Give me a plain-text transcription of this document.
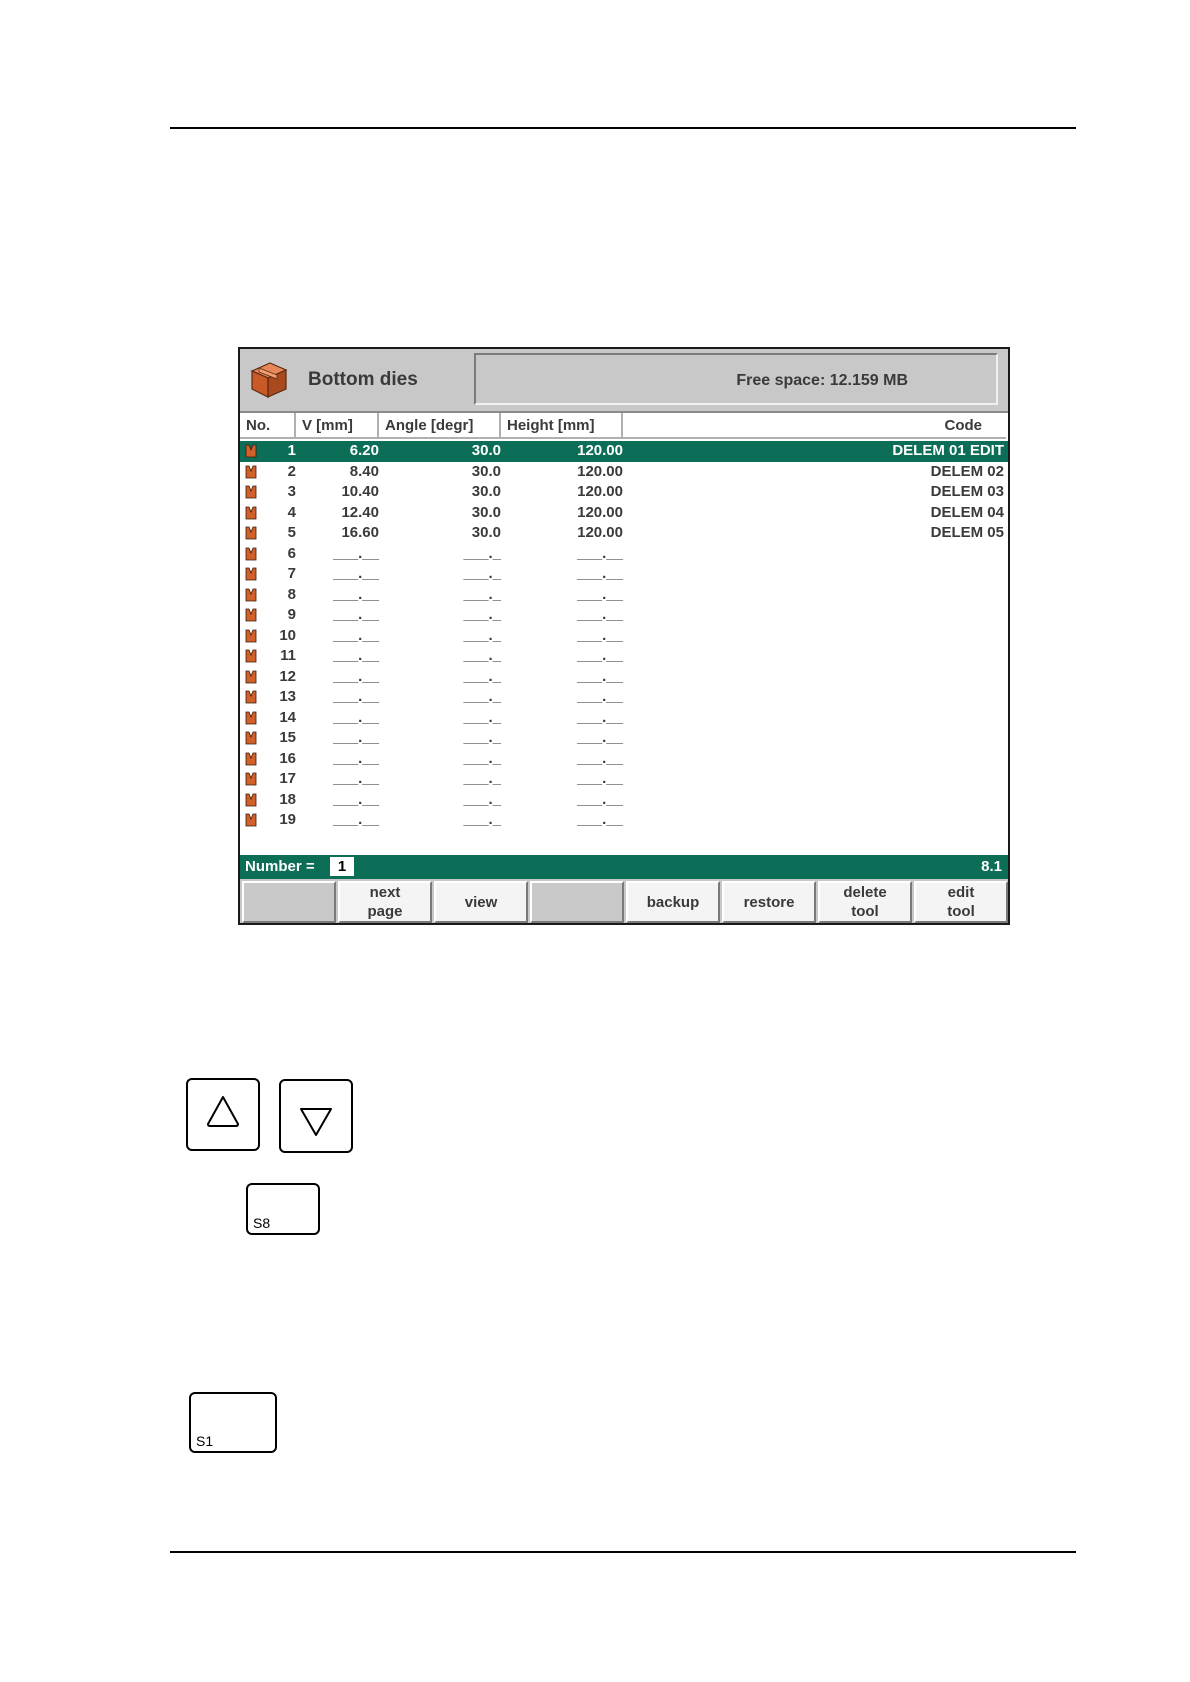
Bottom dies	Free space: 12.159 MB
No.	V [mm]	Angle [degr]	Height [mm]	Code
1	6.20	30.0	120.00	DELEM 01 EDIT
2	8.40	30.0	120.00	DELEM 02
3	10.40	30.0	120.00	DELEM 03
4	12.40	30.0	120.00	DELEM 04
5	16.60	30.0	120.00	DELEM 05
6	___.__	___._	___.__
7	___.__	___._	___.__
8	___.__	___._	___.__
9	___.__	___._	___.__
10	___.__	___._	___.__
11	___.__	___._	___.__
12	___.__	___._	___.__
13	___.__	___._	___.__
14	___.__	___._	___.__
15	___.__	___._	___.__
16	___.__	___._	___.__
17	___.__	___._	___.__
18	___.__	___._	___.__
19	___.__	___._	___.__
Number =	1	8.1
next
page
view	backup	restore
delete
tool
edit
tool
S8
S1
